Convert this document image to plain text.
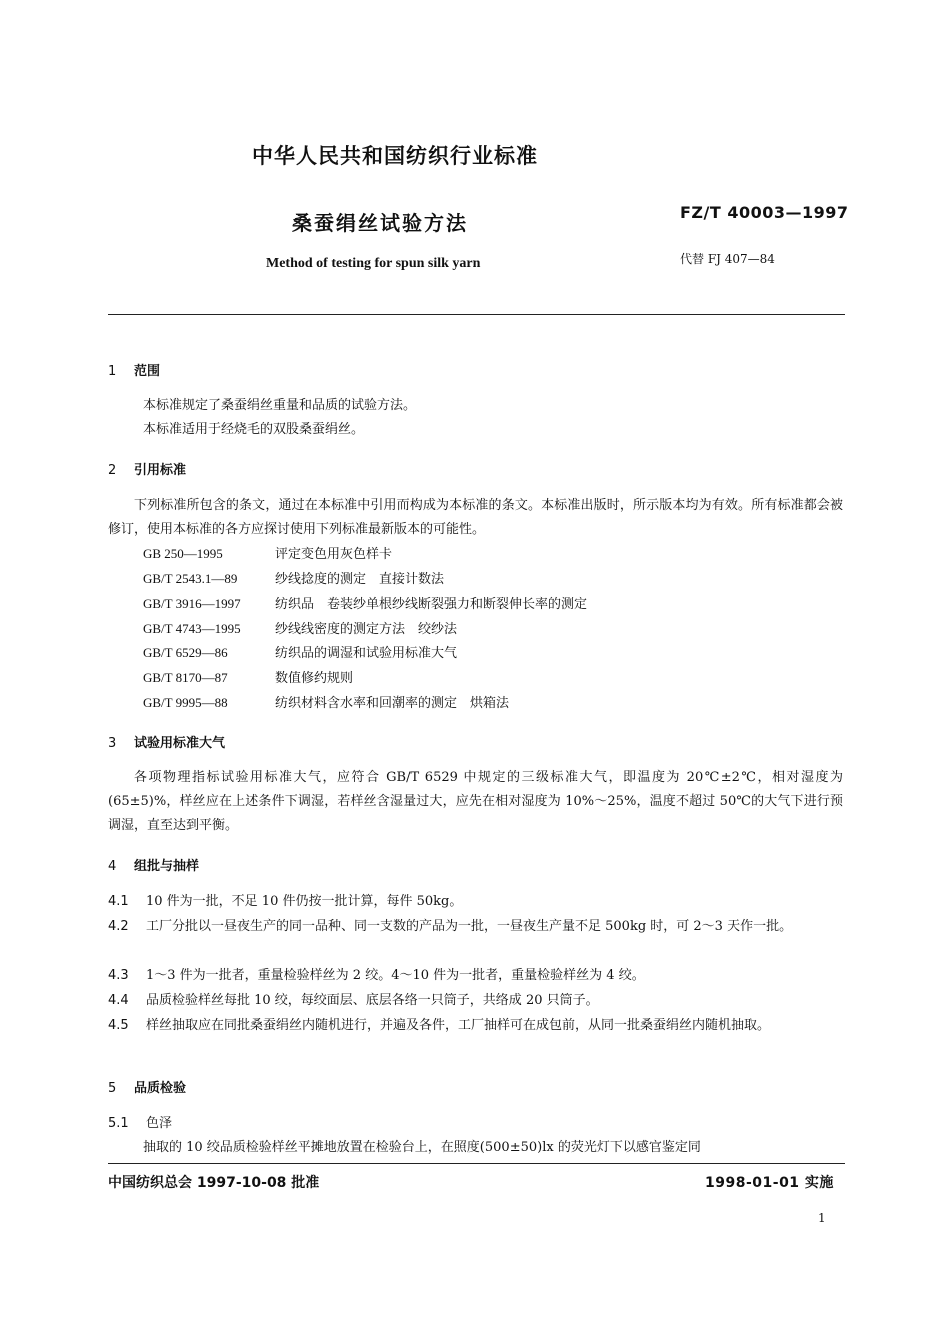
中华人民共和国纺织行业标准
桑蚕绢丝试验方法	FZ/T 40003—1997
Method of testing for spun silk yarn	代替 FJ 407—84
1 范围
本标准规定了桑蚕绢丝重量和品质的试验方法。
本标准适用于经烧毛的双股桑蚕绢丝。
2 引用标准
下列标准所包含的条文，通过在本标准中引用而构成为本标准的条文。本标准出版时，所示版本均为有效。所有标准都会被修订，使用本标准的各方应探讨使用下列标准最新版本的可能性。
GB 250—1995	评定变色用灰色样卡
GB/T 2543.1—89	纱线捻度的测定　直接计数法
GB/T 3916—1997	纺织品　卷装纱单根纱线断裂强力和断裂伸长率的测定
GB/T 4743—1995	纱线线密度的测定方法　绞纱法
GB/T 6529—86	纺织品的调湿和试验用标准大气
GB/T 8170—87	数值修约规则
GB/T 9995—88	纺织材料含水率和回潮率的测定　烘箱法
3 试验用标准大气
各项物理指标试验用标准大气，应符合 GB/T 6529 中规定的三级标准大气，即温度为 20℃±2℃，相对湿度为(65±5)%，样丝应在上述条件下调湿，若样丝含湿量过大，应先在相对湿度为 10%～25%，温度不超过 50℃的大气下进行预调湿，直至达到平衡。
4 组批与抽样
4.1 10 件为一批，不足 10 件仍按一批计算，每件 50kg。
4.2 工厂分批以一昼夜生产的同一品种、同一支数的产品为一批，一昼夜生产量不足 500kg 时，可 2～3 天作一批。
4.3 1～3 件为一批者，重量检验样丝为 2 绞。4～10 件为一批者，重量检验样丝为 4 绞。
4.4 品质检验样丝每批 10 绞，每绞面层、底层各络一只筒子，共络成 20 只筒子。
4.5 样丝抽取应在同批桑蚕绢丝内随机进行，并遍及各件，工厂抽样可在成包前，从同一批桑蚕绢丝内随机抽取。
5 品质检验
5.1 色泽
抽取的 10 绞品质检验样丝平摊地放置在检验台上，在照度(500±50)lx 的荧光灯下以感官鉴定同
中国纺织总会 1997-10-08 批准	1998-01-01 实施
1
